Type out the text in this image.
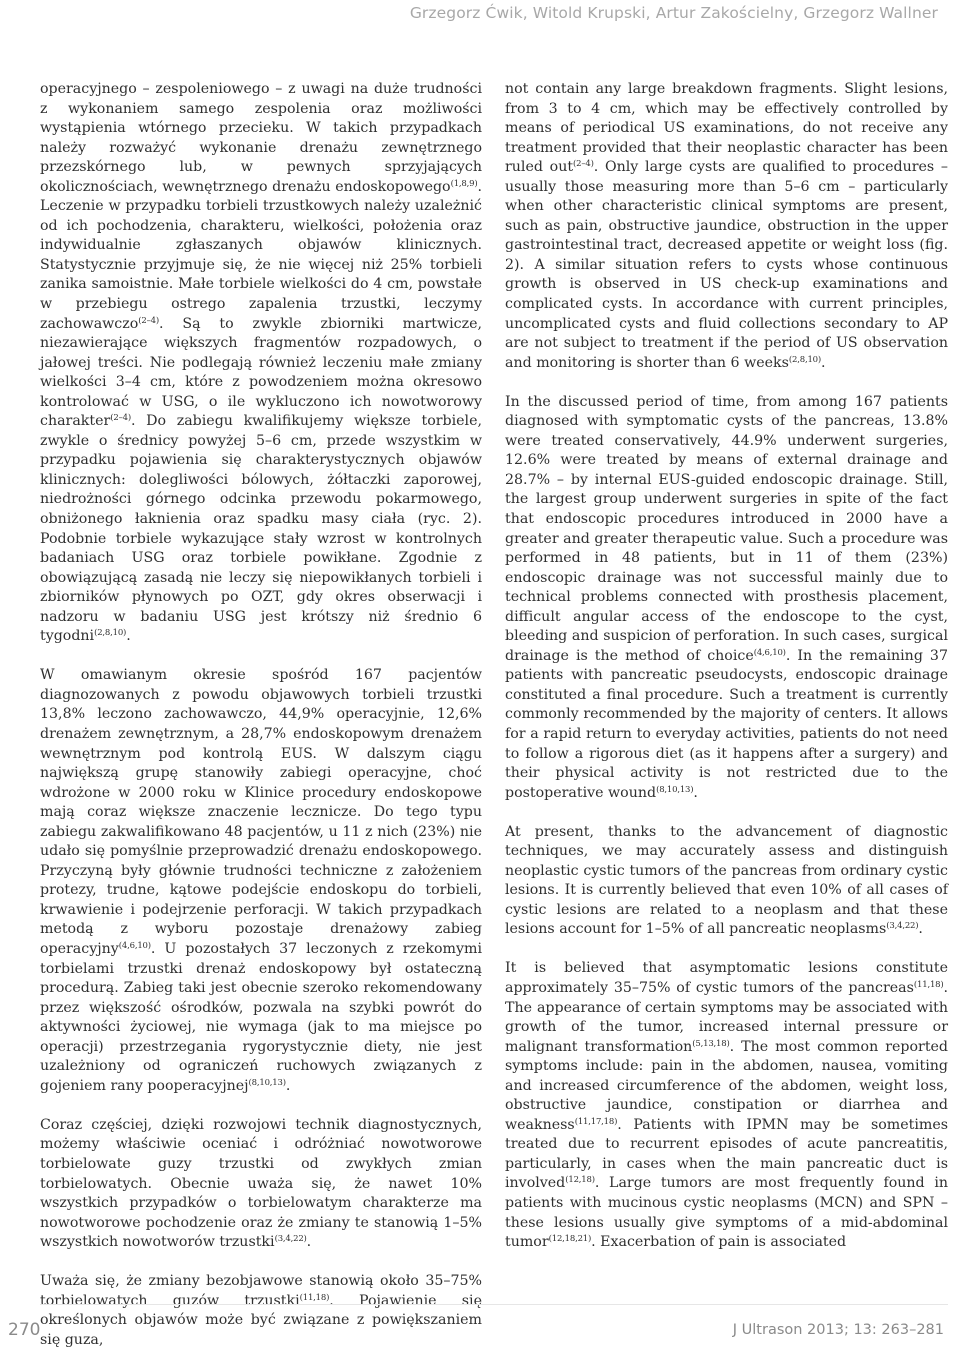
Grzegorz Ćwik, Witold Krupski, Artur Zakościelny, Grzegorz Wallner

operacyjnego – zespoleniowego – z uwagi na duże trudności z wykonaniem samego zespolenia oraz możliwości wystąpienia wtórnego przecieku. W takich przypadkach należy rozważyć wykonanie drenażu zewnętrznego przezskórnego lub, w pewnych sprzyjających okolicznościach, wewnętrznego drenażu endoskopowego$^{(1,8,9)}$. Leczenie w przypadku torbieli trzustkowych należy uzależnić od ich pochodzenia, charakteru, wielkości, położenia oraz indywidualnie zgłaszanych objawów klinicznych. Statystycznie przyjmuje się, że nie więcej niż 25% torbieli zanika samoistnie. Małe torbiele wielkości do 4 cm, powstałe w przebiegu ostrego zapalenia trzustki, leczymy zachowawczo$^{(2-4)}$. Są to zwykle zbiorniki martwicze, niezawierające większych fragmentów rozpadowych, o jałowej treści. Nie podlegają również leczeniu małe zmiany wielkości 3–4 cm, które z powodzeniem można okresowo kontrolować w USG, o ile wykluczono ich nowotworowy charakter$^{(2-4)}$. Do zabiegu kwalifikujemy większe torbiele, zwykle o średnicy powyżej 5–6 cm, przede wszystkim w przypadku pojawienia się charakterystycznych objawów klinicznych: dolegliwości bólowych, żółtaczki zaporowej, niedrożności górnego odcinka przewodu pokarmowego, obniżonego łaknienia oraz spadku masy ciała (ryc. 2). Podobnie torbiele wykazujące stały wzrost w kontrolnych badaniach USG oraz torbiele powikłane. Zgodnie z obowiązującą zasadą nie leczy się niepowikłanych torbieli i zbiorników płynowych po OZT, gdy okres obserwacji i nadzoru w badaniu USG jest krótszy niż średnio 6 tygodni$^{(2,8,10)}$.

W omawianym okresie spośród 167 pacjentów diagnozowanych z powodu objawowych torbieli trzustki 13,8% leczono zachowawczo, 44,9% operacyjnie, 12,6% drenażem zewnętrznym, a 28,7% endoskopowym drenażem wewnętrznym pod kontrolą EUS. W dalszym ciągu największą grupę stanowiły zabiegi operacyjne, choć wdrożone w 2000 roku w Klinice procedury endoskopowe mają coraz większe znaczenie lecznicze. Do tego typu zabiegu zakwalifikowano 48 pacjentów, u 11 z nich (23%) nie udało się pomyślnie przeprowadzić drenażu endoskopowego. Przyczyną były głównie trudności techniczne z założeniem protezy, trudne, kątowe podejście endoskopu do torbieli, krwawienie i podejrzenie perforacji. W takich przypadkach metodą z wyboru pozostaje drenażowy zabieg operacyjny$^{(4,6,10)}$. U pozostałych 37 leczonych z rzekomymi torbielami trzustki drenaż endoskopowy był ostateczną procedurą. Zabieg taki jest obecnie szeroko rekomendowany przez większość ośrodków, pozwala na szybki powrót do aktywności życiowej, nie wymaga (jak to ma miejsce po operacji) przestrzegania rygorystycznie diety, nie jest uzależniony od ograniczeń ruchowych związanych z gojeniem rany pooperacyjnej$^{(8,10,13)}$.

Coraz częściej, dzięki rozwojowi technik diagnostycznych, możemy właściwie oceniać i odróżniać nowotworowe torbielowate guzy trzustki od zwykłych zmian torbielowatych. Obecnie uważa się, że nawet 10% wszystkich przypadków o torbielowatym charakterze ma nowotworowe pochodzenie oraz że zmiany te stanowią 1–5% wszystkich nowotworów trzustki$^{(3,4,22)}$.

Uważa się, że zmiany bezobjawowe stanowią około 35–75% torbielowatych guzów trzustki$^{(11,18)}$. Pojawienie się określonych objawów może być związane z powiększaniem się guza,

not contain any large breakdown fragments. Slight lesions, from 3 to 4 cm, which may be effectively controlled by means of periodical US examinations, do not receive any treatment provided that their neoplastic character has been ruled out$^{(2-4)}$. Only large cysts are qualified to procedures – usually those measuring more than 5–6 cm – particularly when other characteristic clinical symptoms are present, such as pain, obstructive jaundice, obstruction in the upper gastrointestinal tract, decreased appetite or weight loss (fig. 2). A similar situation refers to cysts whose continuous growth is observed in US check-up examinations and complicated cysts. In accordance with current principles, uncomplicated cysts and fluid collections secondary to AP are not subject to treatment if the period of US observation and monitoring is shorter than 6 weeks$^{(2,8,10)}$.

In the discussed period of time, from among 167 patients diagnosed with symptomatic cysts of the pancreas, 13.8% were treated conservatively, 44.9% underwent surgeries, 12.6% were treated by means of external drainage and 28.7% – by internal EUS-guided endoscopic drainage. Still, the largest group underwent surgeries in spite of the fact that endoscopic procedures introduced in 2000 have a greater and greater therapeutic value. Such a procedure was performed in 48 patients, but in 11 of them (23%) endoscopic drainage was not successful mainly due to technical problems connected with prosthesis placement, difficult angular access of the endoscope to the cyst, bleeding and suspicion of perforation. In such cases, surgical drainage is the method of choice$^{(4,6,10)}$. In the remaining 37 patients with pancreatic pseudocysts, endoscopic drainage constituted a final procedure. Such a treatment is currently commonly recommended by the majority of centers. It allows for a rapid return to everyday activities, patients do not need to follow a rigorous diet (as it happens after a surgery) and their physical activity is not restricted due to the postoperative wound$^{(8,10,13)}$.

At present, thanks to the advancement of diagnostic techniques, we may accurately assess and distinguish neoplastic cystic tumors of the pancreas from ordinary cystic lesions. It is currently believed that even 10% of all cases of cystic lesions are related to a neoplasm and that these lesions account for 1–5% of all pancreatic neoplasms$^{(3,4,22)}$.

It is believed that asymptomatic lesions constitute approximately 35–75% of cystic tumors of the pancreas$^{(11,18)}$. The appearance of certain symptoms may be associated with growth of the tumor, increased internal pressure or malignant transformation$^{(5,13,18)}$. The most common reported symptoms include: pain in the abdomen, nausea, vomiting and increased circumference of the abdomen, weight loss, obstructive jaundice, constipation or diarrhea and weakness$^{(11,17,18)}$. Patients with IPMN may be sometimes treated due to recurrent episodes of acute pancreatitis, particularly, in cases when the main pancreatic duct is involved$^{(12,18)}$. Large tumors are most frequently found in patients with mucinous cystic neoplasms (MCN) and SPN – these lesions usually give symptoms of a mid-abdominal tumor$^{(12,18,21)}$. Exacerbation of pain is associated

270	J Ultrason 2013; 13: 263–281
